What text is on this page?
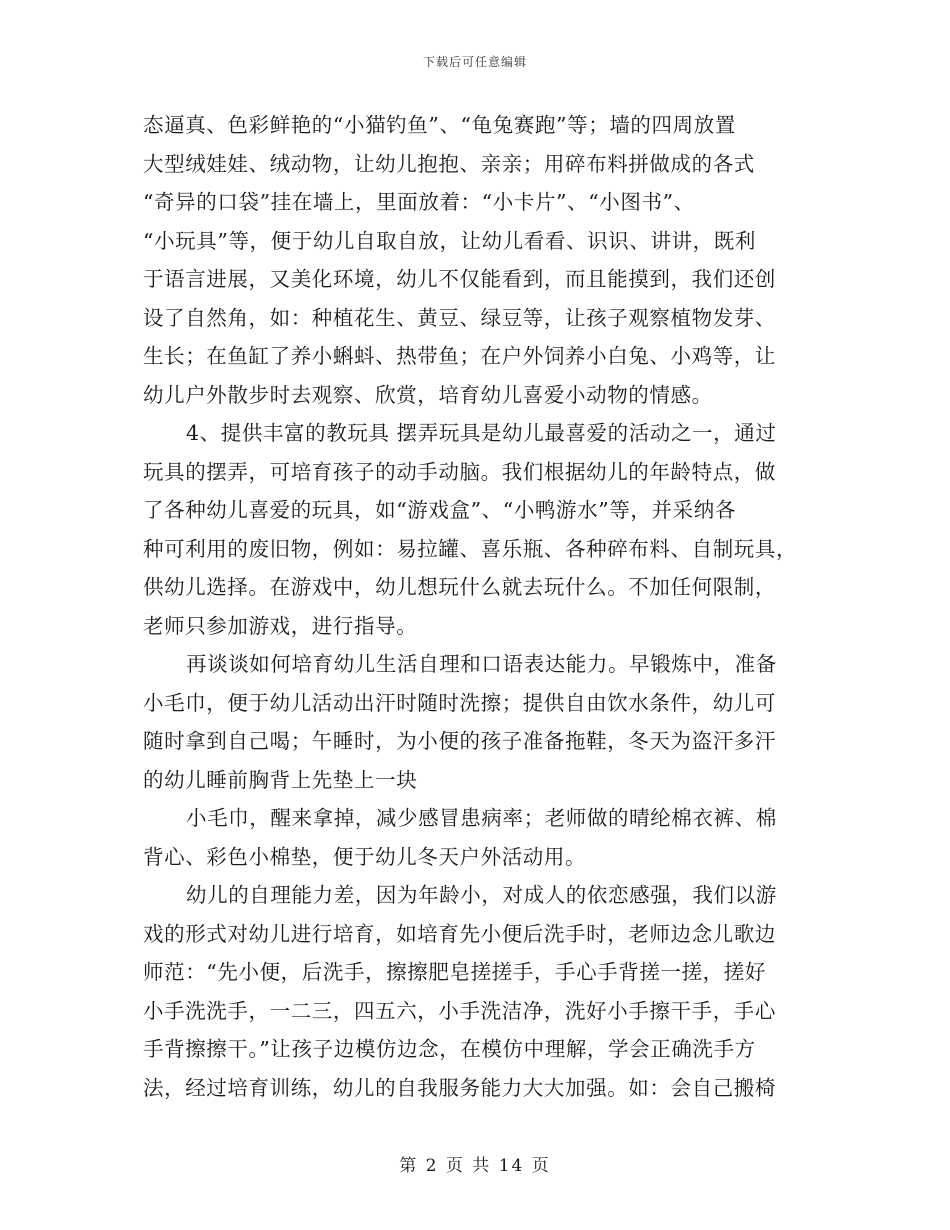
下载后可任意编辑
态逼真、色彩鲜艳的“小猫钓鱼”、“龟兔赛跑”等；墙的四周放置
大型绒娃娃、绒动物，让幼儿抱抱、亲亲；用碎布料拼做成的各式
“奇异的口袋”挂在墙上，里面放着：“小卡片”、“小图书”、
“小玩具”等，便于幼儿自取自放，让幼儿看看、识识、讲讲，既利
于语言进展，又美化环境，幼儿不仅能看到，而且能摸到，我们还创
设了自然角，如：种植花生、黄豆、绿豆等，让孩子观察植物发芽、
生长；在鱼缸了养小蝌蚪、热带鱼；在户外饲养小白兔、小鸡等，让
幼儿户外散步时去观察、欣赏，培育幼儿喜爱小动物的情感。
4、提供丰富的教玩具 摆弄玩具是幼儿最喜爱的活动之一，通过
玩具的摆弄，可培育孩子的动手动脑。我们根据幼儿的年龄特点，做
了各种幼儿喜爱的玩具，如“游戏盒”、“小鸭游水”等，并采纳各
种可利用的废旧物，例如：易拉罐、喜乐瓶、各种碎布料、自制玩具，
供幼儿选择。在游戏中，幼儿想玩什么就去玩什么。不加任何限制，
老师只参加游戏，进行指导。
再谈谈如何培育幼儿生活自理和口语表达能力。早锻炼中，准备
小毛巾，便于幼儿活动出汗时随时洗擦；提供自由饮水条件，幼儿可
随时拿到自己喝；午睡时，为小便的孩子准备拖鞋，冬天为盗汗多汗
的幼儿睡前胸背上先垫上一块
小毛巾，醒来拿掉，减少感冒患病率；老师做的晴纶棉衣裤、棉
背心、彩色小棉垫，便于幼儿冬天户外活动用。
幼儿的自理能力差，因为年龄小，对成人的依恋感强，我们以游
戏的形式对幼儿进行培育，如培育先小便后洗手时，老师边念儿歌边
师范：“先小便，后洗手，擦擦肥皂搓搓手，手心手背搓一搓，搓好
小手洗洗手，一二三，四五六，小手洗洁净，洗好小手擦干手，手心
手背擦擦干。”让孩子边模仿边念，在模仿中理解，学会正确洗手方
法，经过培育训练，幼儿的自我服务能力大大加强。如：会自己搬椅
第 2 页 共 14 页
